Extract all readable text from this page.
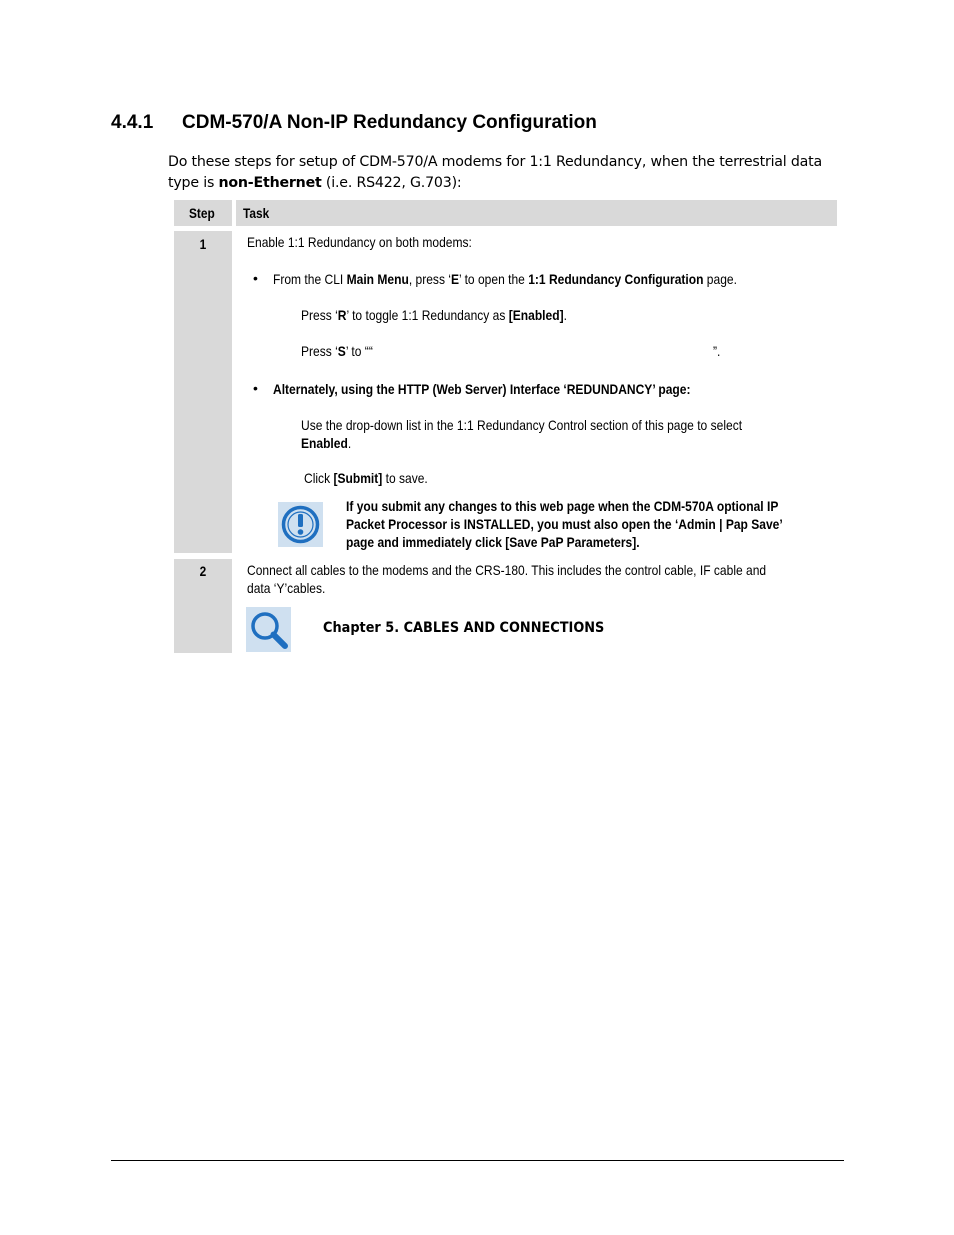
4.4.1 CDM-570/A Non-IP Redundancy Configuration
Do these steps for setup of CDM-570/A modems for 1:1 Redundancy, when the terrestrial data
type is non-Ethernet (i.e. RS422, G.703):
Step Task
1	Enable 1:1 Redundancy on both modems:
• From the CLI Main Menu, press ‘E’ to open the 1:1 Redundancy Configuration page.
Press ‘R’ to toggle 1:1 Redundancy as [Enabled].
Press ‘S’ to ““	”.
• Alternately, using the HTTP (Web Server) Interface ‘REDUNDANCY’ page:
Use the drop-down list in the 1:1 Redundancy Control section of this page to select
Enabled.
Click [Submit] to save.
If you submit any changes to this web page when the CDM-570A optional IP
Packet Processor is INSTALLED, you must also open the ‘Admin | Pap Save’
page and immediately click [Save PaP Parameters].
2	Connect all cables to the modems and the CRS-180. This includes the control cable, IF cable and
data ‘Y’cables.
Chapter 5. CABLES AND CONNECTIONS
